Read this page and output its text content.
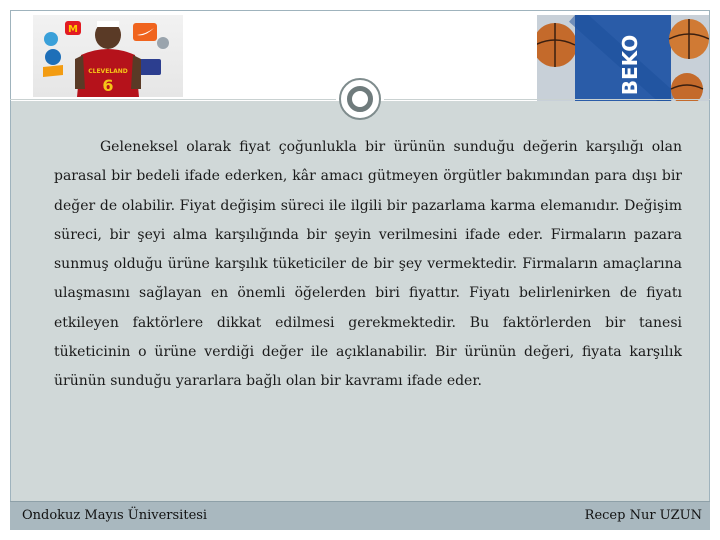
M
CLEVELAND
6	BEKO
Geleneksel olarak fiyat çoğunlukla bir ürünün sunduğu değerin karşılığı olan parasal bir bedeli ifade ederken, kâr amacı gütmeyen örgütler bakımından para dışı bir değer de olabilir. Fiyat değişim süreci ile ilgili bir pazarlama karma elemanıdır. Değişim süreci, bir şeyi alma karşılığında bir şeyin verilmesini ifade eder. Firmaların pazara sunmuş olduğu ürüne karşılık tüketiciler de bir şey vermektedir. Firmaların amaçlarına ulaşmasını sağlayan en önemli öğelerden biri fiyattır. Fiyatı belirlenirken de fiyatı etkileyen faktörlere dikkat edilmesi gerekmektedir. Bu faktörlerden bir tanesi tüketicinin o ürüne verdiği değer ile açıklanabilir. Bir ürünün değeri, fiyata karşılık ürünün sunduğu yararlara bağlı olan bir kavramı ifade eder.
Ondokuz Mayıs Üniversitesi	Recep Nur UZUN
